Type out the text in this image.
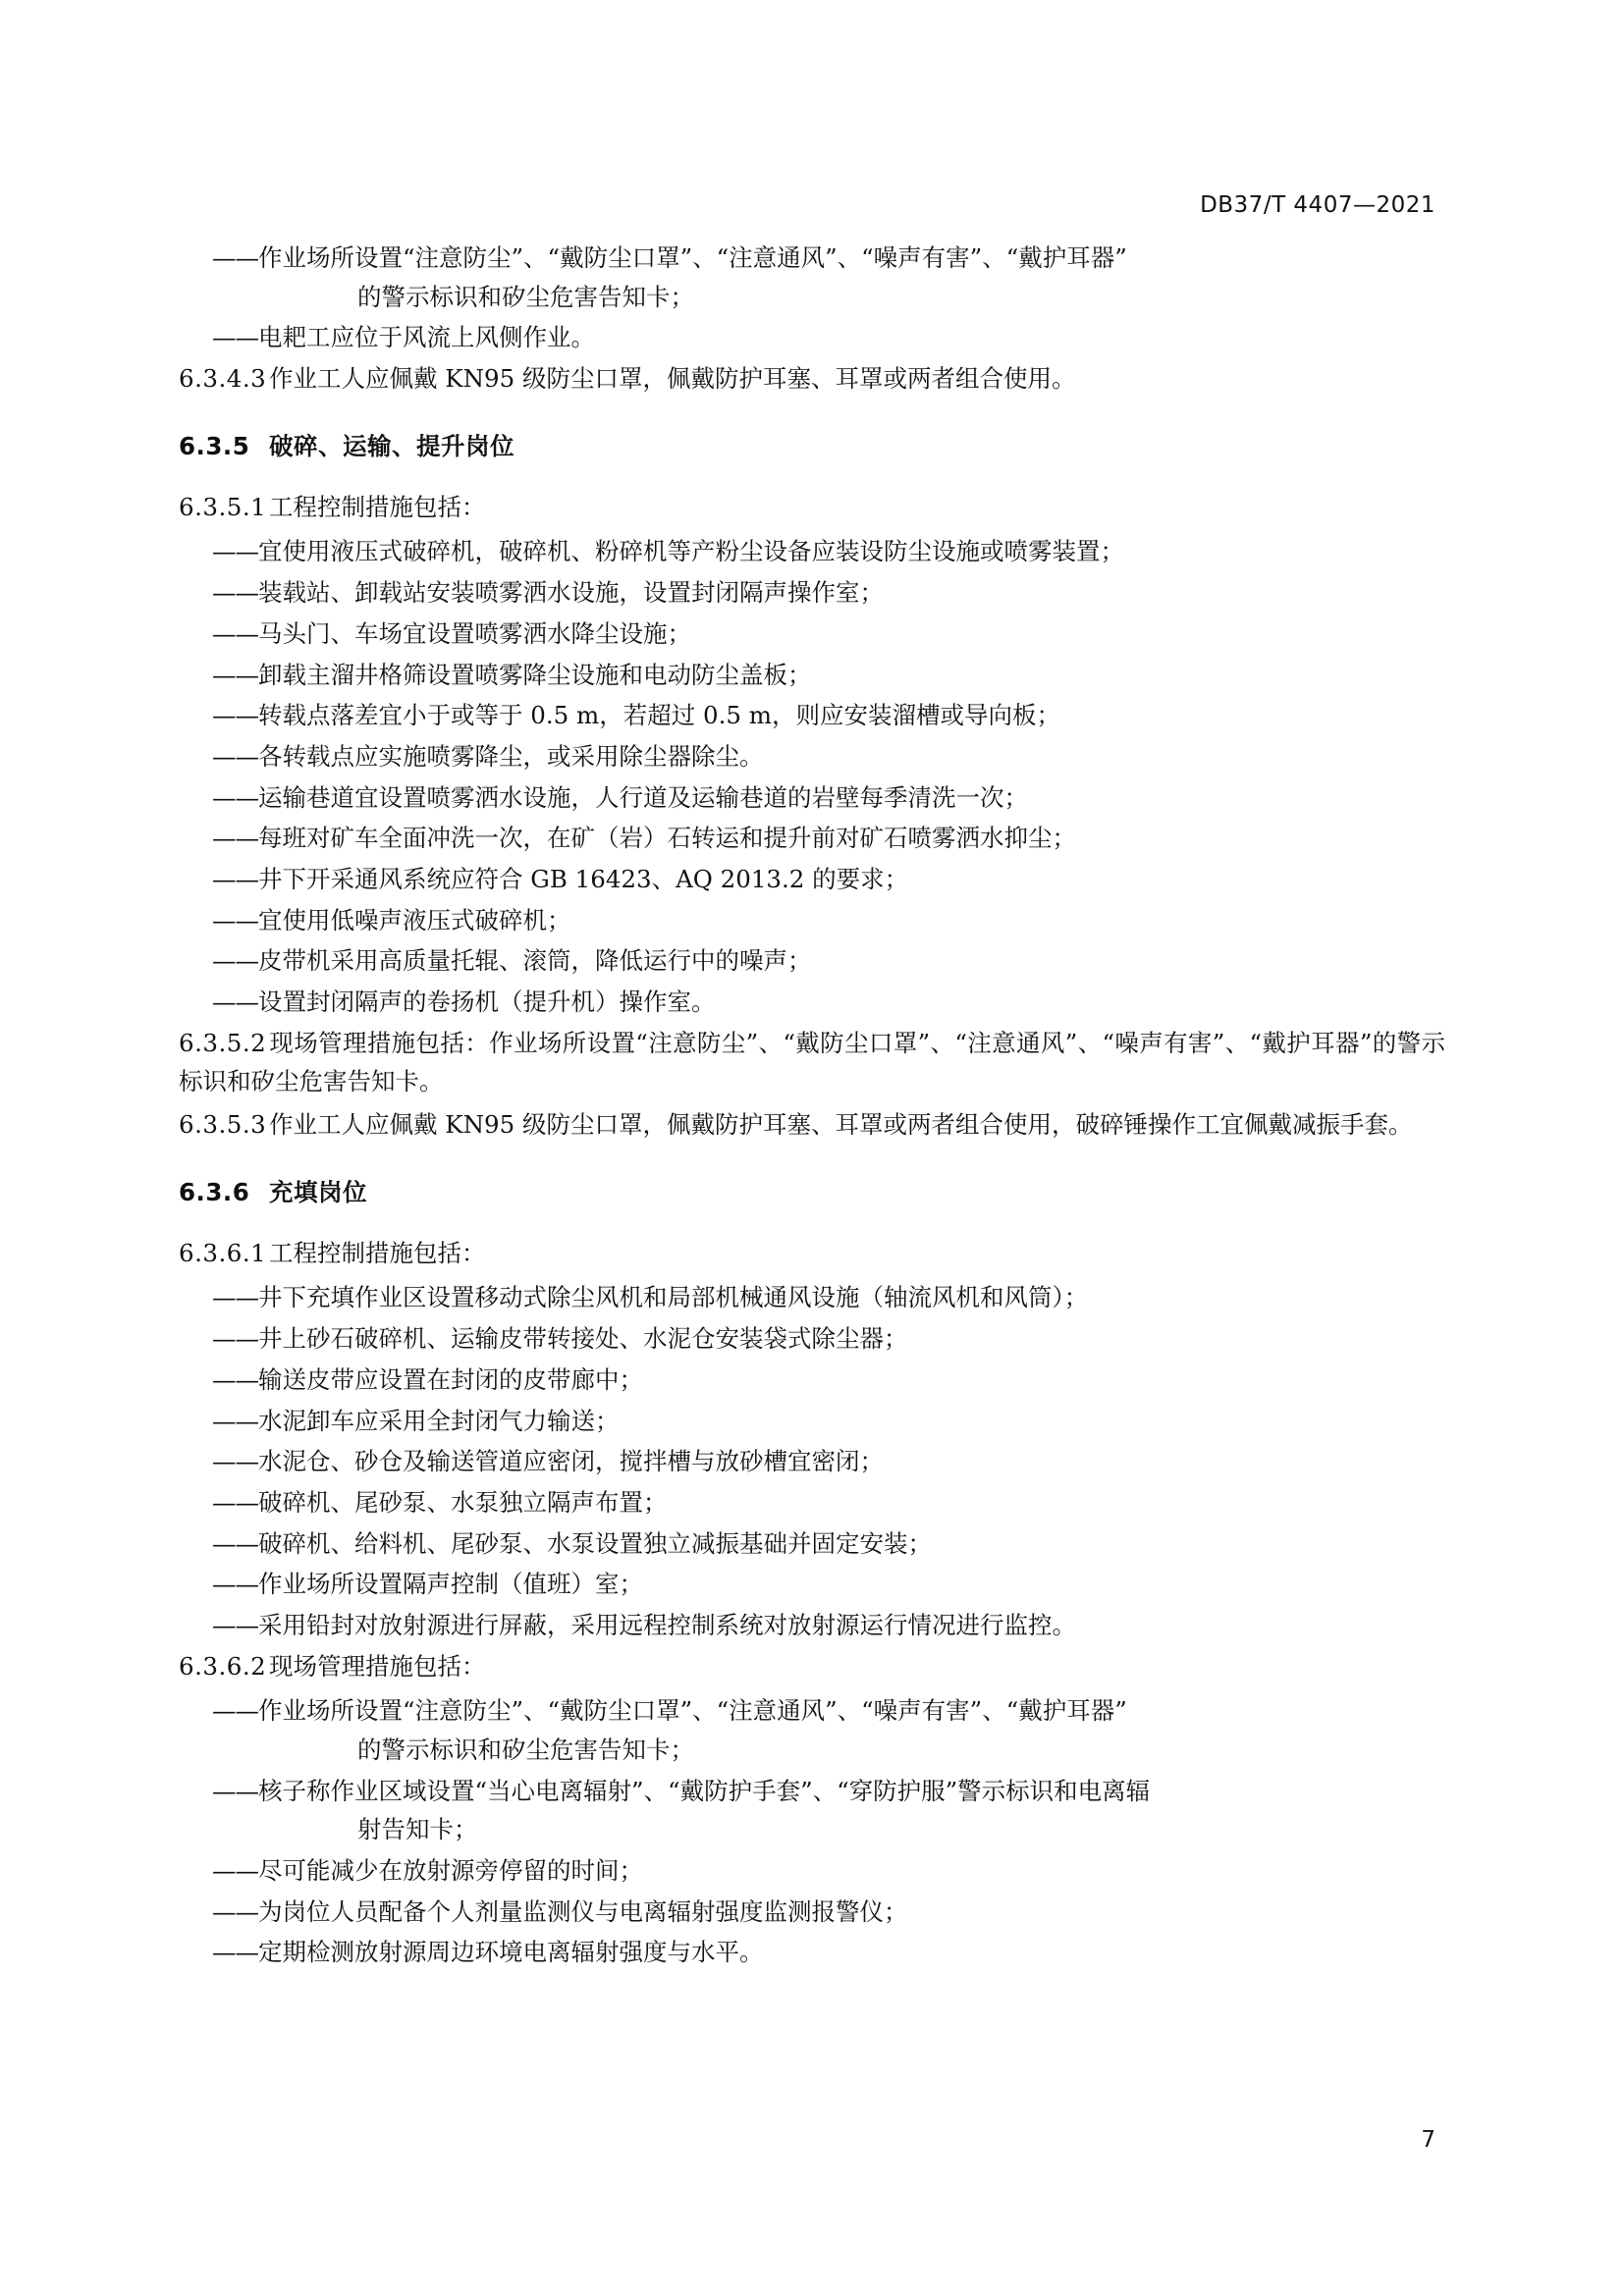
DB37/T 4407—2021
——作业场所设置“注意防尘”、“戴防尘口罩”、“注意通风”、“噪声有害”、“戴护耳器”
的警示标识和矽尘危害告知卡；
——电耙工应位于风流上风侧作业。

6.3.4.3 作业工人应佩戴 KN95 级防尘口罩，佩戴防护耳塞、耳罩或两者组合使用。

6.3.5 破碎、运输、提升岗位

6.3.5.1 工程控制措施包括：

——宜使用液压式破碎机，破碎机、粉碎机等产粉尘设备应装设防尘设施或喷雾装置；
——装载站、卸载站安装喷雾洒水设施，设置封闭隔声操作室；
——马头门、车场宜设置喷雾洒水降尘设施；
——卸载主溜井格筛设置喷雾降尘设施和电动防尘盖板；
——转载点落差宜小于或等于 0.5 m，若超过 0.5 m，则应安装溜槽或导向板；
——各转载点应实施喷雾降尘，或采用除尘器除尘。
——运输巷道宜设置喷雾洒水设施，人行道及运输巷道的岩壁每季清洗一次；
——每班对矿车全面冲洗一次，在矿（岩）石转运和提升前对矿石喷雾洒水抑尘；
——井下开采通风系统应符合 GB 16423、AQ 2013.2 的要求；
——宜使用低噪声液压式破碎机；
——皮带机采用高质量托辊、滚筒，降低运行中的噪声；
——设置封闭隔声的卷扬机（提升机）操作室。

6.3.5.2 现场管理措施包括：作业场所设置“注意防尘”、“戴防尘口罩”、“注意通风”、“噪声有害”、“戴护耳器”的警示标识和矽尘危害告知卡。

6.3.5.3 作业工人应佩戴 KN95 级防尘口罩，佩戴防护耳塞、耳罩或两者组合使用，破碎锤操作工宜佩戴减振手套。

6.3.6 充填岗位

6.3.6.1 工程控制措施包括：

——井下充填作业区设置移动式除尘风机和局部机械通风设施（轴流风机和风筒）；
——井上砂石破碎机、运输皮带转接处、水泥仓安装袋式除尘器；
——输送皮带应设置在封闭的皮带廊中；
——水泥卸车应采用全封闭气力输送；
——水泥仓、砂仓及输送管道应密闭，搅拌槽与放砂槽宜密闭；
——破碎机、尾砂泵、水泵独立隔声布置；
——破碎机、给料机、尾砂泵、水泵设置独立减振基础并固定安装；
——作业场所设置隔声控制（值班）室；
——采用铅封对放射源进行屏蔽，采用远程控制系统对放射源运行情况进行监控。

6.3.6.2 现场管理措施包括：

——作业场所设置“注意防尘”、“戴防尘口罩”、“注意通风”、“噪声有害”、“戴护耳器”
的警示标识和矽尘危害告知卡；
——核子称作业区域设置“当心电离辐射”、“戴防护手套”、“穿防护服”警示标识和电离辐
射告知卡；
——尽可能减少在放射源旁停留的时间；
——为岗位人员配备个人剂量监测仪与电离辐射强度监测报警仪；
——定期检测放射源周边环境电离辐射强度与水平。
7
